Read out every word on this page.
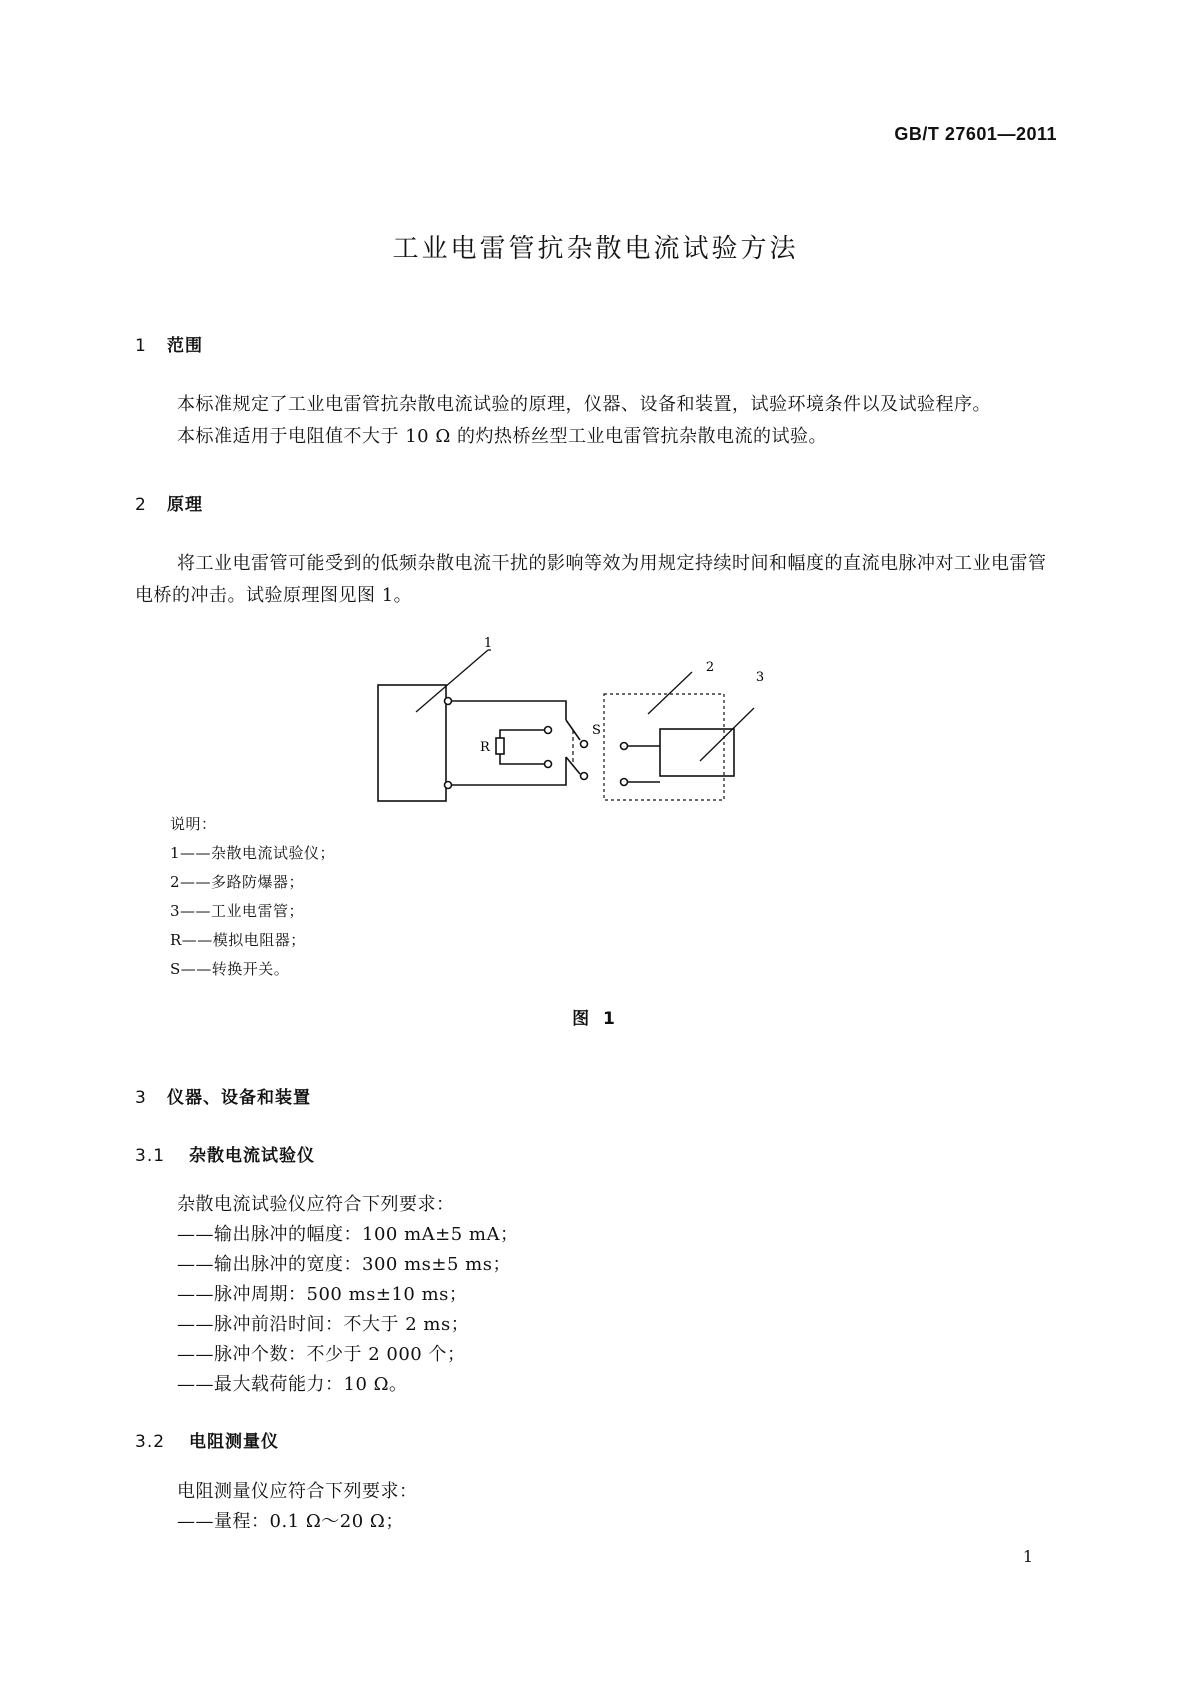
GB/T 27601—2011
工业电雷管抗杂散电流试验方法
1 范围
本标准规定了工业电雷管抗杂散电流试验的原理，仪器、设备和装置，试验环境条件以及试验程序。
本标准适用于电阻值不大于 10 Ω 的灼热桥丝型工业电雷管抗杂散电流的试验。
2 原理
将工业电雷管可能受到的低频杂散电流干扰的影响等效为用规定持续时间和幅度的直流电脉冲对工业电雷管电桥的冲击。试验原理图见图 1。
1
2
3
R
S
说明：
1——杂散电流试验仪；
2——多路防爆器；
3——工业电雷管；
R——模拟电阻器；
S——转换开关。
图 1
3 仪器、设备和装置
3.1 杂散电流试验仪
杂散电流试验仪应符合下列要求：
——输出脉冲的幅度：100 mA±5 mA；
——输出脉冲的宽度：300 ms±5 ms；
——脉冲周期：500 ms±10 ms；
——脉冲前沿时间：不大于 2 ms；
——脉冲个数：不少于 2 000 个；
——最大载荷能力：10 Ω。
3.2 电阻测量仪
电阻测量仪应符合下列要求：
——量程：0.1 Ω～20 Ω；
1
